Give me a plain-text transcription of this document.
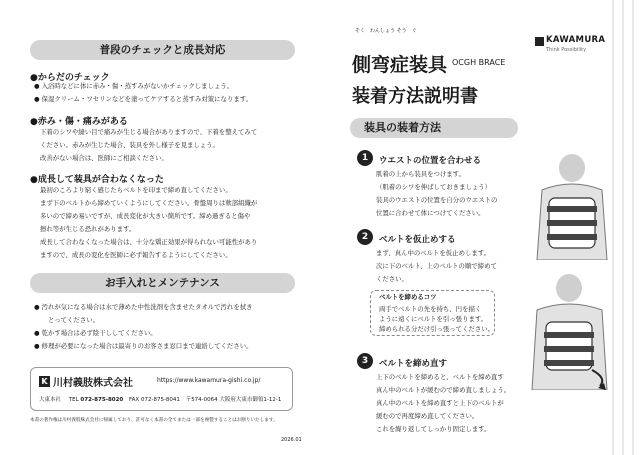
普段のチェックと成長対応
●からだのチェック
● 入浴時などに体に赤み・傷・蒸すみがないかチェックしましょう。
● 保湿クリーム・ワセリンなどを塗ってケアすると蒸すみ対策になります。
●赤み・傷・痛みがある
下着のシワや縫い目で痛みが生じる場合がありますので、下着を整えてみて
ください。赤みが生じた場合、装具を外し様子を見ましょう。
改善がない場合は、医師にご相談ください。
●成長して装具が合わなくなった
最初のころより窮く感じたらベルトを印まで締め直してください。
まず下のベルトから締めていくようにしてください。骨盤周りは軟部組織が
多いので締め易いですが、成長変化が大きい箇所です。締め過ぎると傷や
擦れ等が生じる恐れがあります。
成長して合わなくなった場合は、十分な矯正効果が得られない可能性があり
ますので、成長の変化を医師に必ず報告するようにしてください。
お手入れとメンテナンス
● 汚れが気になる場合は水で薄めた中性洗剤を含ませたタオルで汚れを拭き
とってください。
● 乾かす場合は必ず陰干ししてください。
● 修理が必要になった場合は最寄りのお客さま窓口まで連絡してください。
K 川村義肢株式会社	https://www.kawamura-gishi.co.jp/
大東本社 TEL 072-875-8020 FAX 072-875-8041 〒574-0064 大阪府大東市御領1-12-1
本書の著作権は川村義肢株式会社に帰属しており、許可なく本書の全てまたは一部を複製することはお断りいたします。
2026.01
KAWAMURA
Think Possibility
そく　わんしょう そう　ぐ
側弯症装具 OCGH BRACE
装着方法説明書
装具の装着方法
1	ウエストの位置を合わせる
肌着の上から装具をつけます。
（肌着のシワを伸ばしておきましょう）
装具のウエストの位置を自分のウエストの
位置に合わせて体につけてください。
2	ベルトを仮止めする
まず、真ん中のベルトを仮止めします。
次に下のベルト、上のベルトの順で締めて
ください。
ベルトを締めるコツ
両手でベルトの先を持ち、円を描く
ように遠くにベルトを引っ張ります。
締められる分だけ引っ張ってください。
3	ベルトを締め直す
上下のベルトを締めると、ベルトを締め直す
真ん中のベルトが緩むので締め直しましょう。
真ん中のベルトを締め直すと上下のベルトが
緩むので再度締め直してください。
これを繰り返してしっかり固定します。
